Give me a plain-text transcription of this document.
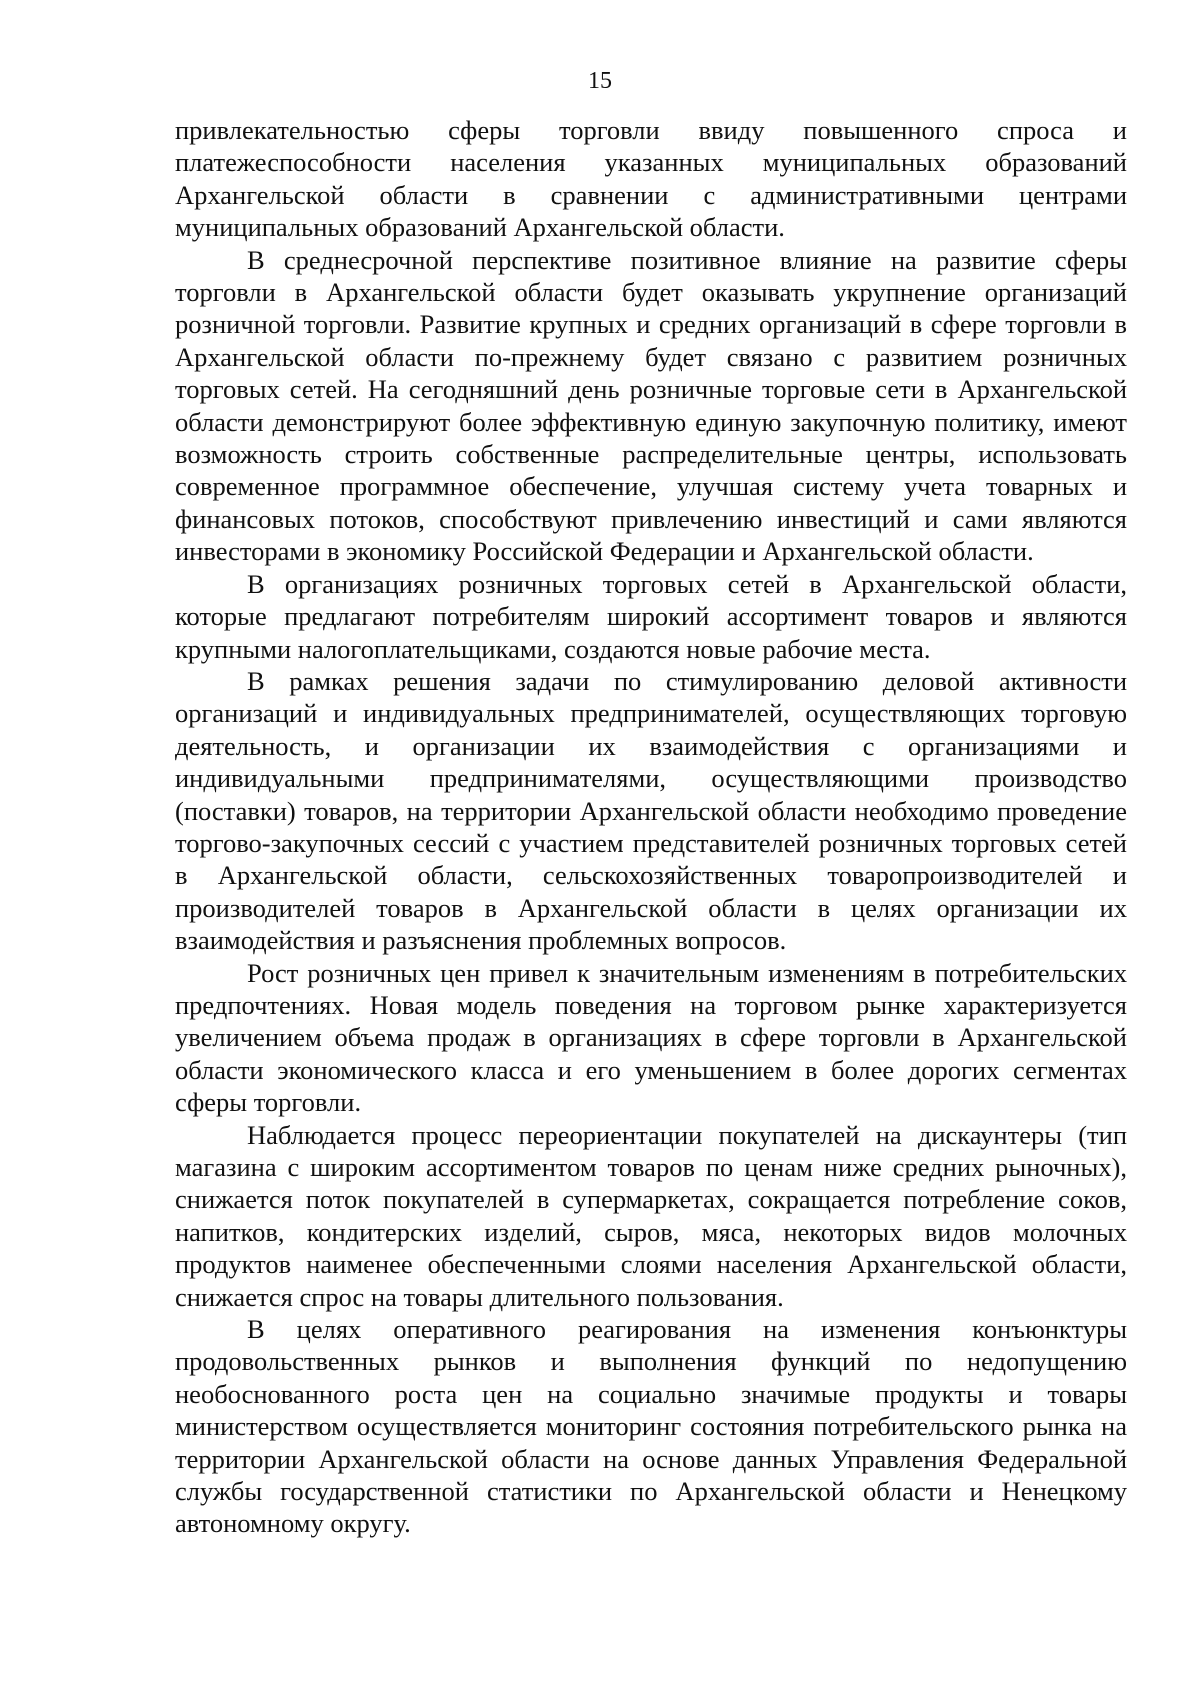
15

привлекательностью сферы торговли ввиду повышенного спроса и платежеспособности населения указанных муниципальных образований Архангельской области в сравнении с административными центрами муниципальных образований Архангельской области.

В среднесрочной перспективе позитивное влияние на развитие сферы торговли в Архангельской области будет оказывать укрупнение организаций розничной торговли. Развитие крупных и средних организаций в сфере торговли в Архангельской области по-прежнему будет связано с развитием розничных торговых сетей. На сегодняшний день розничные торговые сети в Архангельской области демонстрируют более эффективную единую закупочную политику, имеют возможность строить собственные распределительные центры, использовать современное программное обеспечение, улучшая систему учета товарных и финансовых потоков, способствуют привлечению инвестиций и сами являются инвесторами в экономику Российской Федерации и Архангельской области.

В организациях розничных торговых сетей в Архангельской области, которые предлагают потребителям широкий ассортимент товаров и являются крупными налогоплательщиками, создаются новые рабочие места.

В рамках решения задачи по стимулированию деловой активности организаций и индивидуальных предпринимателей, осуществляющих торговую деятельность, и организации их взаимодействия с организациями и индивидуальными предпринимателями, осуществляющими производство (поставки) товаров, на территории Архангельской области необходимо проведение торгово-закупочных сессий с участием представителей розничных торговых сетей в Архангельской области, сельскохозяйственных товаропроизводителей и производителей товаров в Архангельской области в целях организации их взаимодействия и разъяснения проблемных вопросов.

Рост розничных цен привел к значительным изменениям в потребительских предпочтениях. Новая модель поведения на торговом рынке характеризуется увеличением объема продаж в организациях в сфере торговли в Архангельской области экономического класса и его уменьшением в более дорогих сегментах сферы торговли.

Наблюдается процесс переориентации покупателей на дискаунтеры (тип магазина с широким ассортиментом товаров по ценам ниже средних рыночных), снижается поток покупателей в супермаркетах, сокращается потребление соков, напитков, кондитерских изделий, сыров, мяса, некоторых видов молочных продуктов наименее обеспеченными слоями населения Архангельской области, снижается спрос на товары длительного пользования.

В целях оперативного реагирования на изменения конъюнктуры продовольственных рынков и выполнения функций по недопущению необоснованного роста цен на социально значимые продукты и товары министерством осуществляется мониторинг состояния потребительского рынка на территории Архангельской области на основе данных Управления Федеральной службы государственной статистики по Архангельской области и Ненецкому автономному округу.
